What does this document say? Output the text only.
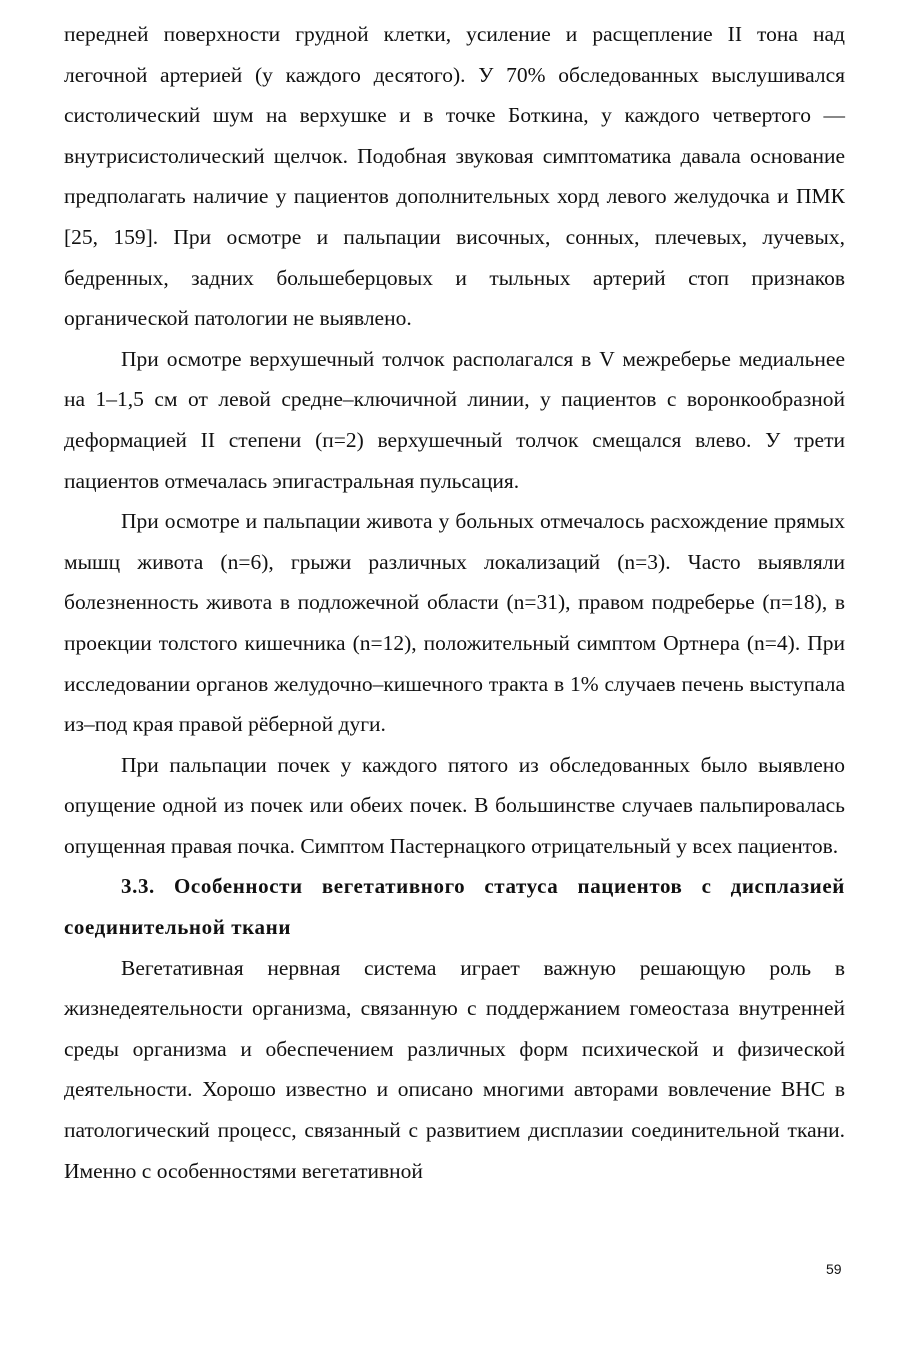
передней поверхности грудной клетки, усиление и расщепление II тона над легочной артерией (у каждого десятого). У 70% обследованных выслушивался систолический шум на верхушке и в точке Боткина, у каждого четвертого — внутрисистолический щелчок. Подобная звуковая симптоматика давала основание предполагать наличие у пациентов дополнительных хорд левого желудочка и ПМК [25, 159]. При осмотре и пальпации височных, сонных, плечевых, лучевых, бедренных, задних большеберцовых и тыльных артерий стоп признаков органической патологии не выявлено.

При осмотре верхушечный толчок располагался в V межреберье медиальнее на 1–1,5 см от левой средне–ключичной линии, у пациентов с воронкообразной деформацией II степени (п=2) верхушечный толчок смещался влево. У трети пациентов отмечалась эпигастральная пульсация.

При осмотре и пальпации живота у больных отмечалось расхождение прямых мышц живота (n=6), грыжи различных локализаций (n=3). Часто выявляли болезненность живота в подложечной области (n=31), правом подреберье (п=18), в проекции толстого кишечника (n=12), положительный симптом Ортнера (n=4). При исследовании органов желудочно–кишечного тракта в 1% случаев печень выступала из–под края правой рёберной дуги.

При пальпации почек у каждого пятого из обследованных было выявлено опущение одной из почек или обеих почек. В большинстве случаев пальпировалась опущенная правая почка. Симптом Пастернацкого отрицательный у всех пациентов.

3.3. Особенности вегетативного статуса пациентов с дисплазией соединительной ткани

Вегетативная нервная система играет важную решающую роль в жизнедеятельности организма, связанную с поддержанием гомеостаза внутренней среды организма и обеспечением различных форм психической и физической деятельности. Хорошо известно и описано многими авторами вовлечение ВНС в патологический процесс, связанный с развитием дисплазии соединительной ткани. Именно с особенностями вегетативной

59
